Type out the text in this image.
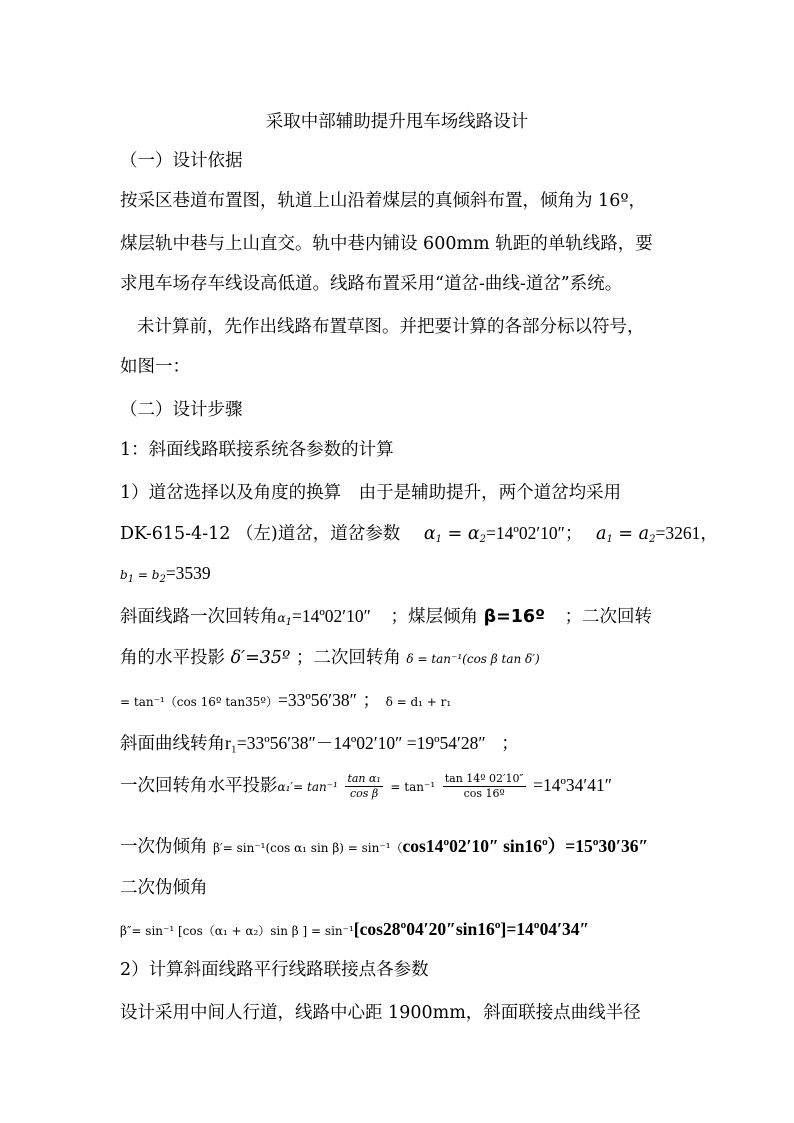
采取中部辅助提升甩车场线路设计
（一）设计依据
按采区巷道布置图，轨道上山沿着煤层的真倾斜布置，倾角为 16º，
煤层轨中巷与上山直交。轨中巷内铺设 600mm 轨距的单轨线路，要
求甩车场存车线设高低道。线路布置采用“道岔-曲线-道岔”系统。
未计算前，先作出线路布置草图。并把要计算的各部分标以符号，
如图一：
（二）设计步骤
1：斜面线路联接系统各参数的计算
1）道岔选择以及角度的换算　由于是辅助提升，两个道岔均采用
DK-615-4-12 （左)道岔，道岔参数 $\alpha_1$ = $\alpha_2=14º02'10''$； $a_1 = a_2=3261$，
$b_1 = b_2=3539$
斜面线路一次回转角$\alpha_1=14º02'10''$ ；煤层倾角 β=16º ；二次回转
角的水平投影 δ′=35º ；二次回转角 δ = tan⁻¹(cos β tan δ′)
= tan⁻¹（cos 16º tan35º）=33º56′38″ ； δ = d₁ + r₁
斜面曲线转角r₁=33º56′38″－14º02′10″ =19º54′28″ ；
一次回转角水平投影$\alpha_1'= \tan^{-1} \frac{\text{tan α₁}}{\text{cos β}} = \tan^{-1} \frac{\text{tan 14º 02′10″}}{\text{cos 16º}}$ =14º34′41″
一次伪倾角 β′= sin⁻¹(cos α₁ sin β) = sin⁻¹（cos14º02′10″ sin16º）=15º30′36″
二次伪倾角
β″= sin⁻¹ [cos（α₁ + α₂）sin β ] = sin⁻¹[cos28º04′20″sin16º]=14º04′34″
2）计算斜面线路平行线路联接点各参数
设计采用中间人行道，线路中心距 1900mm，斜面联接点曲线半径
